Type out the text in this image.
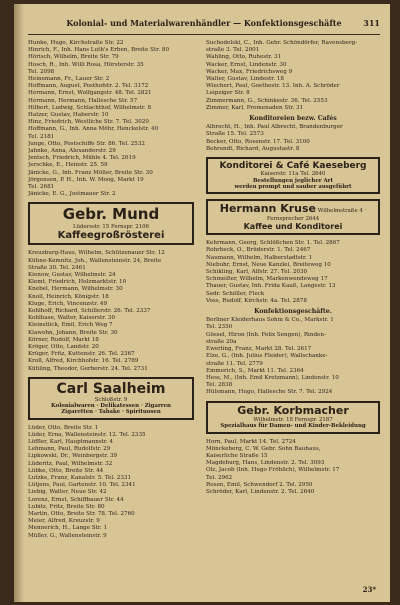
Kolonial- und Materialwarenhändler — Konfektionsgeschäfte	311
Hunke, Hugo, Kirchstraße Str. 22
Hinrich, F., Inh. Hans Luth's Erben, Breite Str. 80
Hörisch, Wilhelm, Breite Str. 79
Hosch, R., Inh. Willi Rosa, Hörsterstr. 35
Tel. 2098
Heinemann, Fr., Lauer Str. 2
Hoffmann, August, Posthofstr. 2. Tel. 3172
Hermann, Ernst, Wolfgangstr. 48. Tel. 2821
Hermann, Hermann, Hallesche Str. 57
Hilbert, Ludwig, Schlachthof, Wilhelmstr. 8
Hatzer, Gustav, Haberstr. 10
Hinz, Friedrich, Westliche Str. 7. Tel. 3020
Hoffmann, G., Inh. Anna Möhr, Henckelstr. 40
Tel. 2181
Junge, Otto, Postschiffe Str. 86. Tel. 2532
Jahnke, Anna, Alexanderstr. 29
Jentsch, Friedrich, Mühle 4. Tel. 2619
Jerschke, E., Heinstr. 25. 59
Jänicke, G., Inh. Franz Möller, Breite Str. 30
Jörgensen, P. H., Inh. W. Moog, Markt 19
Tel. 2681
Jänicke, E. G., Jostmauer Str. 2
Gebr. Mund
Lüdersstr. 15 Fernspr. 2106
Kaffeegroßrösterei
Kreuzburg-Haus, Wilhelm, Schützenauer Str. 12
Kühne-Kemnitz, Joh., Wallensteinstr. 24, Breite
Straße 30. Tel. 2461
Kienow, Gustav, Wilhelmstr. 24
Klemt, Friedrich, Holzmarktstr. 10
Knebel, Hermann, Wilhelmstr. 30
Knoll, Heinrich, Königstr. 18
Kluge, Erich, Vincenzstr. 49
Kohlhoff, Richard, Schillerstr. 26. Tel. 2337
Kohlhase, Walter, Kaiserstr. 30
Kleinstück, Emil, Erich Weg 7
Klawohn, Johann, Breite Str. 30
Körner, Rudolf, Markt 18
Kröger, Otto, Landstr. 20
Krüger, Fritz, Kuttenstr. 26. Tel. 2367
Kroll, Alfred, Kirchhofstr. 16. Tel. 2789
Kühling, Theodor, Gerberstr. 24. Tel. 2731
Carl Saalheim
Schloßstr. 9
Kolonialwaren · Delikatessen · Zigarren
Zigaretten · Tabake · Spirituosen
Lüder, Otto, Breite Str. 1
Lüder, Erna, Wallensteinstr. 12. Tel. 2335
Löffler, Karl, Hauptmannstr. 4
Lehmann, Paul, Rudolfstr. 29
Lipkowski, Dr., Weinbergstr. 39
Lüderitz, Paul, Wilhelmstr. 32
Lübke, Otto, Breite Str. 44
Lutzke, Franz, Kanalstr. 5. Tel. 2331
Lütjens, Paul, Gartenstr. 10. Tel. 2341
Liebig, Walter, Neue Str. 42
Lorenz, Ernst, Schiffbauer Str. 44
Lubitz, Fritz, Breite Str. 80
Martin, Otto, Breite Str. 78. Tel. 2760
Meier, Alfred, Kreuzstr. 9
Mennerich, H., Lange Str. 1
Müller, G., Wallensteinstr. 9
Suchodelski, C., Inh. Gebr. Schöndörfer, Ravensberg-
straße 3. Tel. 2001
Wahling, Otto, Ruhestr. 31
Wacker, Ernst, Lindenstr. 30
Wacker, Max, Friedrichsweg 9
Walter, Gustav, Lindestr. 18
Wiechert, Paul, Goethestr. 13. Inh. A. Schröder
Leipziger Str. 8
Zimmermann, G., Schinkestr. 36. Tel. 2553
Zimmer, Karl, Promenaden Str. 31
Konditoreien bezw. Cafés
Albrecht, H., Inh. Paul Albrecht, Brandenburger
Straße 15. Tel. 2573
Becker, Otto, Rosenstr. 17. Tel. 3100
Behrendt, Richard, Augustastr. 8
Konditorei & Café Kaeseberg
Kaiserstr. 11a Tel. 2640
Bestellungen jeglicher Art
werden prompt und sauber ausgeführt
Hermann Kruse Wilhelmstraße 4 · Fernsprecher 2644
Kaffee und Konditorei
Kehrmann, Georg, Schlößchen Str. 1. Tel. 2867
Rohrbeck, O., Brüderstr. 1. Tel. 2467
Naumann, Wilhelm, Halberstadtstr. 1
Niebuhr, Ernst, Neue Kanzlei, Breiteweg 10
Schikling, Karl, Alfstr. 27. Tel. 2030
Schmeißer, Wilhelm, Markenwendeweg 17
Thauer, Gustav, Inh. Frida Kauß, Langestr. 13
Sedr. Schöller, Fleck
Voss, Rudolf, Kirchstr. 4a. Tel. 2878
Konfektionsgeschäfte.
Berliner Kleiderhaus Sohm & Co., Markstr. 1
Tel. 2350
Gössel, Hiron (Inh. Felix Sengen), Rinden-
straße 20a
Ewerling, Franz, Markt 28. Tel. 2617
Elze, G., (Inh. Julius Fleider), Wallschanke-
straße 11. Tel. 2779
Emmerich, S., Markt 11. Tel. 2364
Hess, M., (Inh. Emil Kretzmann), Lindenstr. 10
Tel. 2838
Hülsmann, Hugo, Hallesche Str. 7. Tel. 2924
Gebr. Korbmacher
Wilhelmstr. 18 Fernspr. 2187
Spezialhaus für Damen- und Kinder-Bekleidung
Horn, Paul, Markt 14. Tel. 2724
Mönckeberg, C. W. Gebr. Sohn Bauhaus,
Kaiserliche Straße 15
Magdeburg, Hans, Lindenstr. 2. Tel. 3093
Olz, Jacob (Inh. Hugo Fröhlich), Wilhelmstr. 17
Tel. 2962
Rosen, Emil, Schwendorf 2. Tel. 2950
Schröder, Karl, Lindenstr. 2. Tel. 2640
23*
